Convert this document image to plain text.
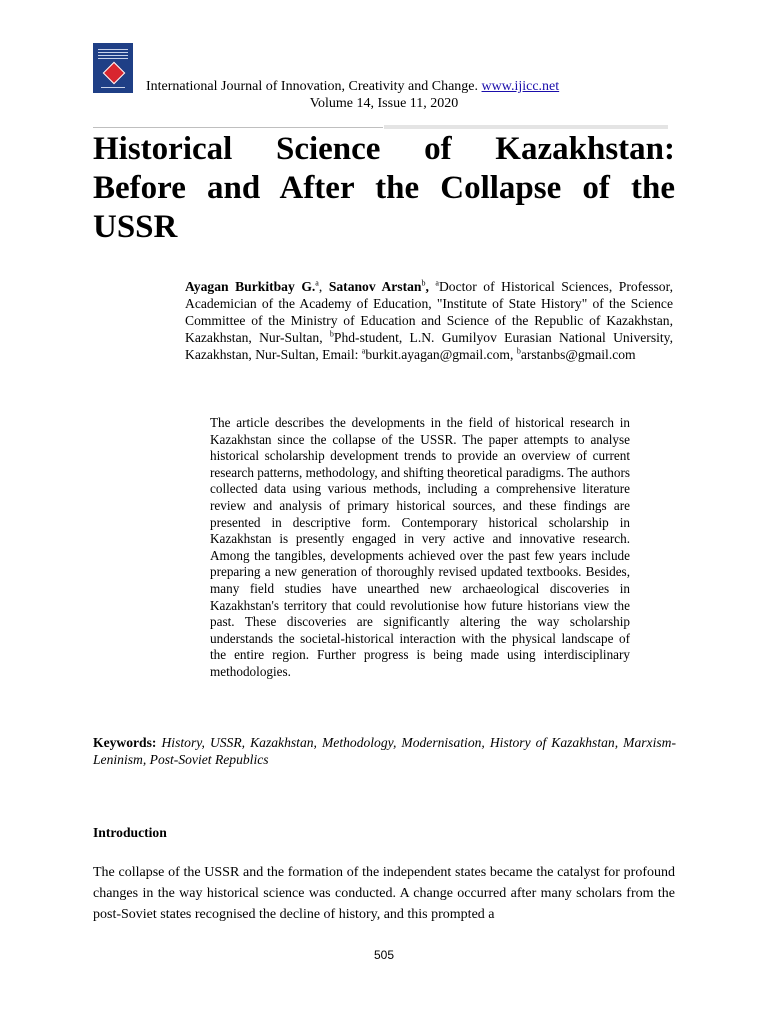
International Journal of Innovation, Creativity and Change. www.ijicc.net
Volume 14, Issue 11, 2020
Historical Science of Kazakhstan:
Before and After the Collapse of the
USSR
Ayagan Burkitbay G.$^a$, Satanov Arstan$^b$, $^a$Doctor of Historical Sciences, Professor, Academician of the Academy of Education, "Institute of State History" of the Science Committee of the Ministry of Education and Science of the Republic of Kazakhstan, Kazakhstan, Nur-Sultan, $^b$Phd-student, L.N. Gumilyov Eurasian National University, Kazakhstan, Nur-Sultan, Email: $^a$burkit.ayagan@gmail.com, $^b$arstanbs@gmail.com
The article describes the developments in the field of historical research in Kazakhstan since the collapse of the USSR. The paper attempts to analyse historical scholarship development trends to provide an overview of current research patterns, methodology, and shifting theoretical paradigms. The authors collected data using various methods, including a comprehensive literature review and analysis of primary historical sources, and these findings are presented in descriptive form. Contemporary historical scholarship in Kazakhstan is presently engaged in very active and innovative research. Among the tangibles, developments achieved over the past few years include preparing a new generation of thoroughly revised updated textbooks. Besides, many field studies have unearthed new archaeological discoveries in Kazakhstan's territory that could revolutionise how future historians view the past. These discoveries are significantly altering the way scholarship understands the societal-historical interaction with the physical landscape of the entire region. Further progress is being made using interdisciplinary methodologies.
Keywords: History, USSR, Kazakhstan, Methodology, Modernisation, History of Kazakhstan, Marxism-Leninism, Post-Soviet Republics
Introduction
The collapse of the USSR and the formation of the independent states became the catalyst for profound changes in the way historical science was conducted. A change occurred after many scholars from the post-Soviet states recognised the decline of history, and this prompted a
505
